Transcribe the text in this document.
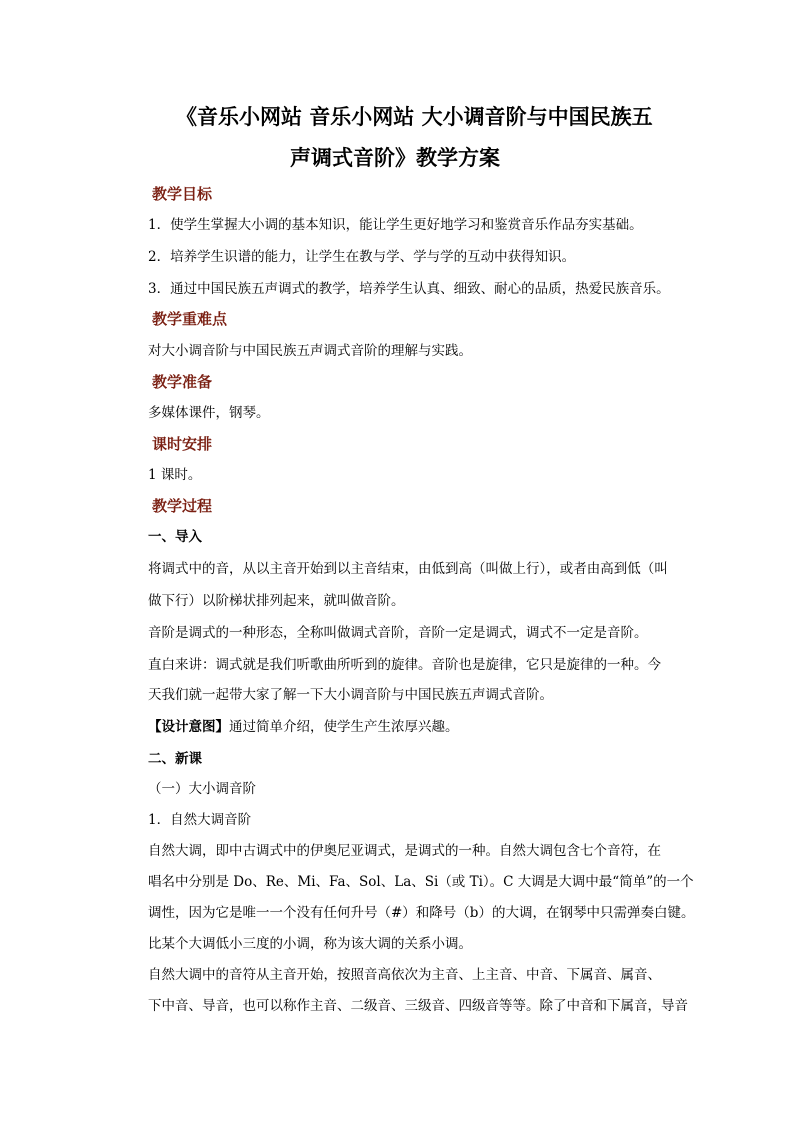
《音乐小网站 音乐小网站 大小调音阶与中国民族五
声调式音阶》教学方案
教学目标
1．使学生掌握大小调的基本知识，能让学生更好地学习和鉴赏音乐作品夯实基础。
2．培养学生识谱的能力，让学生在教与学、学与学的互动中获得知识。
3．通过中国民族五声调式的教学，培养学生认真、细致、耐心的品质，热爱民族音乐。
教学重难点
对大小调音阶与中国民族五声调式音阶的理解与实践。
教学准备
多媒体课件，钢琴。
课时安排
1 课时。
教学过程
一、导入
将调式中的音，从以主音开始到以主音结束，由低到高（叫做上行），或者由高到低（叫
做下行）以阶梯状排列起来，就叫做音阶。
音阶是调式的一种形态，全称叫做调式音阶，音阶一定是调式，调式不一定是音阶。
直白来讲：调式就是我们听歌曲所听到的旋律。音阶也是旋律，它只是旋律的一种。今
天我们就一起带大家了解一下大小调音阶与中国民族五声调式音阶。
【设计意图】通过简单介绍，使学生产生浓厚兴趣。
二、新课
（一）大小调音阶
1．自然大调音阶
自然大调，即中古调式中的伊奥尼亚调式，是调式的一种。自然大调包含七个音符，在
唱名中分别是 Do、Re、Mi、Fa、Sol、La、Si（或 Ti）。C 大调是大调中最“简单”的一个
调性，因为它是唯一一个没有任何升号（#）和降号（b）的大调，在钢琴中只需弹奏白键。
比某个大调低小三度的小调，称为该大调的关系小调。
自然大调中的音符从主音开始，按照音高依次为主音、上主音、中音、下属音、属音、
下中音、导音，也可以称作主音、二级音、三级音、四级音等等。除了中音和下属音，导音
